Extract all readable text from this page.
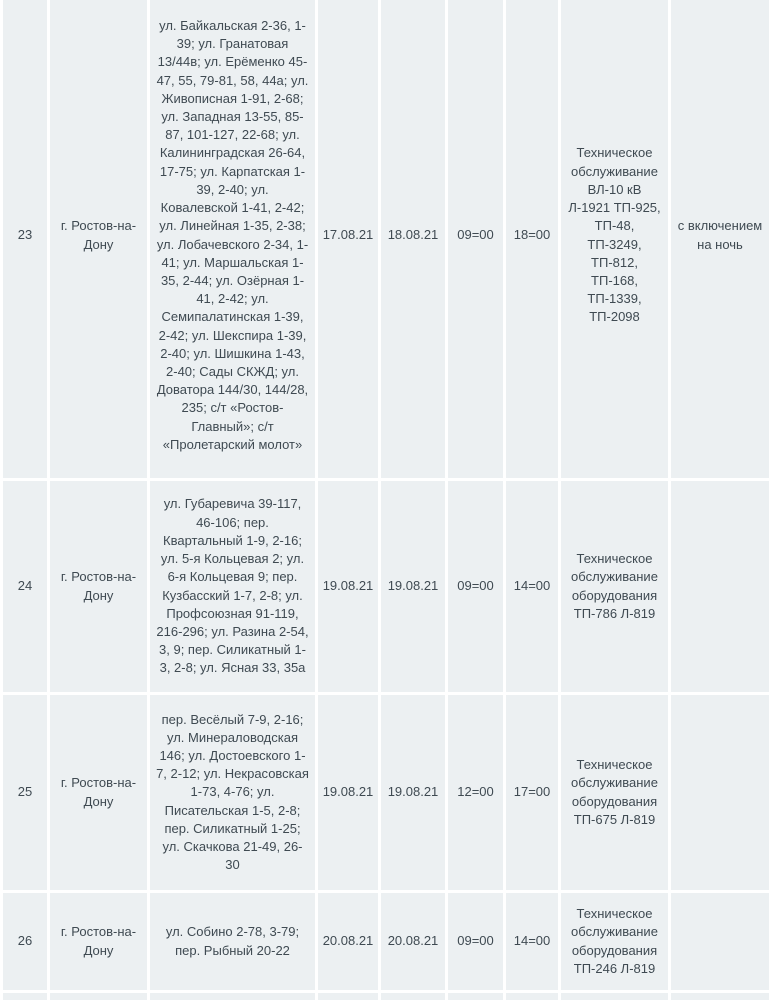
23	г. Ростов-на-Дону	ул. Байкальская 2-36, 1-39; ул. Гранатовая 13/44в; ул. Ерёменко 45-47, 55, 79-81, 58, 44а; ул. Живописная 1-91, 2-68; ул. Западная 13-55, 85-87, 101-127, 22-68; ул. Калининградская 26-64, 17-75; ул. Карпатская 1-39, 2-40; ул. Ковалевской 1-41, 2-42; ул. Линейная 1-35, 2-38; ул. Лобачевского 2-34, 1-41; ул. Маршальская 1-35, 2-44; ул. Озёрная 1-41, 2-42; ул. Семипалатинская 1-39, 2-42; ул. Шекспира 1-39, 2-40; ул. Шишкина 1-43, 2-40; Сады СКЖД; ул. Доватора 144/30, 144/28, 235; с/т «Ростов-Главный»; с/т «Пролетарский молот»	17.08.21	18.08.21	09=00	18=00	Техническое обслуживание ВЛ-10 кВ Л-1921 ТП-925, ТП-48, ТП-3249, ТП-812, ТП-168, ТП-1339, ТП-2098	с включением на ночь
24	г. Ростов-на-Дону	ул. Губаревича 39-117, 46-106; пер. Квартальный 1-9, 2-16; ул. 5-я Кольцевая 2; ул. 6-я Кольцевая 9; пер. Кузбасский 1-7, 2-8; ул. Профсоюзная 91-119, 216-296; ул. Разина 2-54, 3, 9; пер. Силикатный 1-3, 2-8; ул. Ясная 33, 35а	19.08.21	19.08.21	09=00	14=00	Техническое обслуживание оборудования ТП-786 Л-819	
25	г. Ростов-на-Дону	пер. Весёлый 7-9, 2-16; ул. Минераловодская 146; ул. Достоевского 1-7, 2-12; ул. Некрасовская 1-73, 4-76; ул. Писательская 1-5, 2-8; пер. Силикатный 1-25; ул. Скачкова 21-49, 26-30	19.08.21	19.08.21	12=00	17=00	Техническое обслуживание оборудования ТП-675 Л-819	
26	г. Ростов-на-Дону	ул. Собино 2-78, 3-79; пер. Рыбный 20-22	20.08.21	20.08.21	09=00	14=00	Техническое обслуживание оборудования ТП-246 Л-819	
